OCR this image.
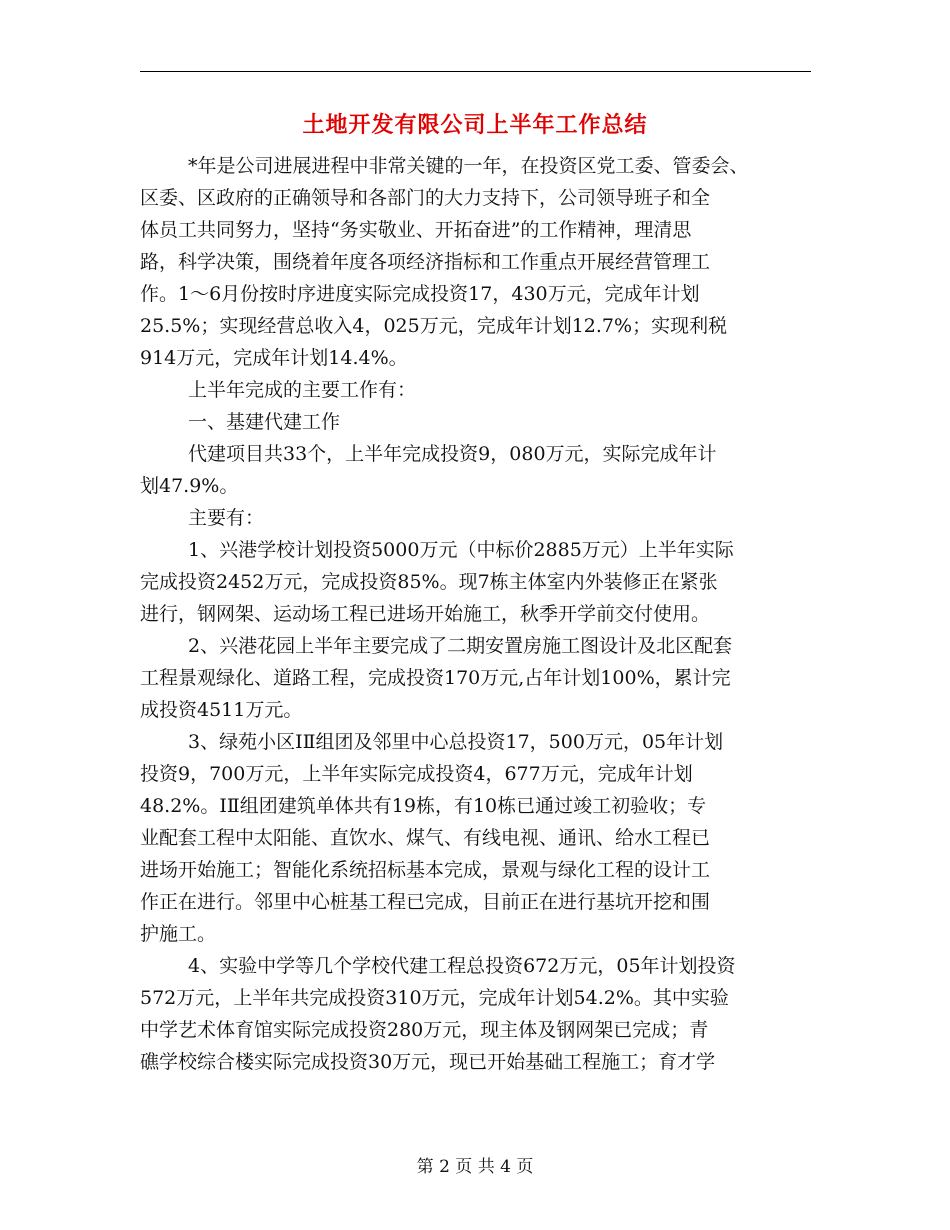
土地开发有限公司上半年工作总结
*年是公司进展进程中非常关键的一年，在投资区党工委、管委会、
区委、区政府的正确领导和各部门的大力支持下，公司领导班子和全
体员工共同努力，坚持“务实敬业、开拓奋进”的工作精神，理清思
路，科学决策，围绕着年度各项经济指标和工作重点开展经营管理工
作。1～6月份按时序进度实际完成投资17，430万元，完成年计划
25.5%；实现经营总收入4，025万元，完成年计划12.7%；实现利税
914万元，完成年计划14.4%。
上半年完成的主要工作有：
一、基建代建工作
代建项目共33个，上半年完成投资9，080万元，实际完成年计
划47.9%。
主要有：
1、兴港学校计划投资5000万元（中标价2885万元）上半年实际
完成投资2452万元，完成投资85%。现7栋主体室内外装修正在紧张
进行，钢网架、运动场工程已进场开始施工，秋季开学前交付使用。
2、兴港花园上半年主要完成了二期安置房施工图设计及北区配套
工程景观绿化、道路工程，完成投资170万元,占年计划100%，累计完
成投资4511万元。
3、绿苑小区ⅠⅡ组团及邻里中心总投资17，500万元，05年计划
投资9，700万元，上半年实际完成投资4，677万元，完成年计划
48.2%。ⅠⅡ组团建筑单体共有19栋，有10栋已通过竣工初验收；专
业配套工程中太阳能、直饮水、煤气、有线电视、通讯、给水工程已
进场开始施工；智能化系统招标基本完成，景观与绿化工程的设计工
作正在进行。邻里中心桩基工程已完成，目前正在进行基坑开挖和围
护施工。
4、实验中学等几个学校代建工程总投资672万元，05年计划投资
572万元，上半年共完成投资310万元，完成年计划54.2%。其中实验
中学艺术体育馆实际完成投资280万元，现主体及钢网架已完成；青
礁学校综合楼实际完成投资30万元，现已开始基础工程施工；育才学
第 2 页 共 4 页
